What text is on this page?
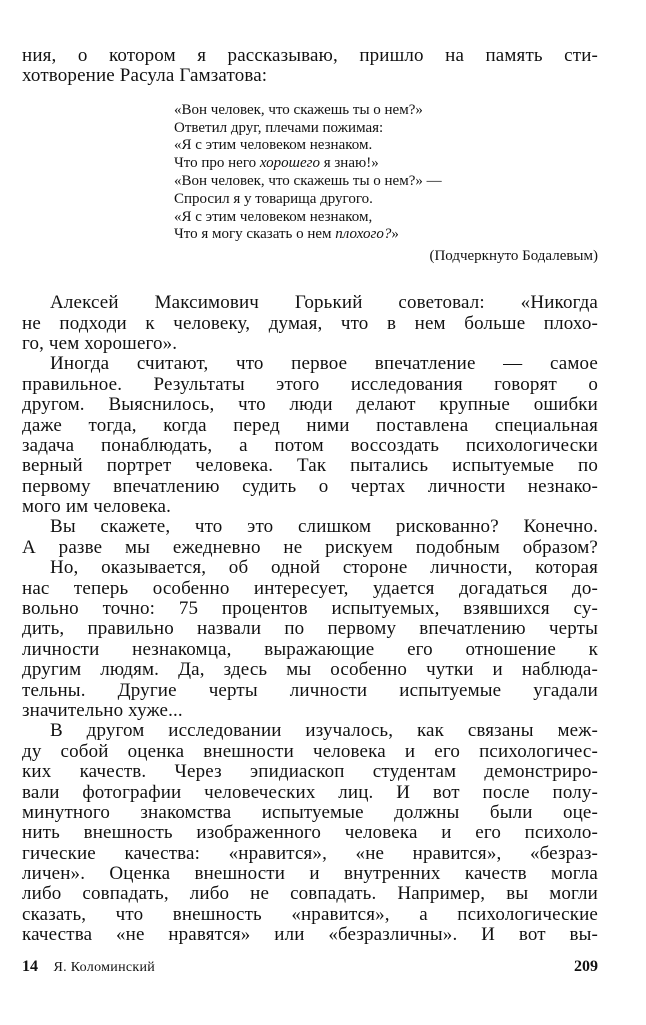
ния, о котором я рассказываю, пришло на память сти-
хотворение Расула Гамзатова:
«Вон человек, что скажешь ты о нем?»
Ответил друг, плечами пожимая:
«Я с этим человеком незнаком.
Что про него хорошего я знаю!»
«Вон человек, что скажешь ты о нем?» —
Спросил я у товарища другого.
«Я с этим человеком незнаком,
Что я могу сказать о нем плохого?»
(Подчеркнуто Бодалевым)
Алексей Максимович Горький советовал: «Никогда
не подходи к человеку, думая, что в нем больше плохо-
го, чем хорошего».
Иногда считают, что первое впечатление — самое
правильное. Результаты этого исследования говорят о
другом. Выяснилось, что люди делают крупные ошибки
даже тогда, когда перед ними поставлена специальная
задача понаблюдать, а потом воссоздать психологически
верный портрет человека. Так пытались испытуемые по
первому впечатлению судить о чертах личности незнако-
мого им человека.
Вы скажете, что это слишком рискованно? Конечно.
А разве мы ежедневно не рискуем подобным образом?
Но, оказывается, об одной стороне личности, которая
нас теперь особенно интересует, удается догадаться до-
вольно точно: 75 процентов испытуемых, взявшихся су-
дить, правильно назвали по первому впечатлению черты
личности незнакомца, выражающие его отношение к
другим людям. Да, здесь мы особенно чутки и наблюда-
тельны. Другие черты личности испытуемые угадали
значительно хуже...
В другом исследовании изучалось, как связаны меж-
ду собой оценка внешности человека и его психологичес-
ких качеств. Через эпидиаскоп студентам демонстриро-
вали фотографии человеческих лиц. И вот после полу-
минутного знакомства испытуемые должны были оце-
нить внешность изображенного человека и его психоло-
гические качества: «нравится», «не нравится», «безраз-
личен». Оценка внешности и внутренних качеств могла
либо совпадать, либо не совпадать. Например, вы могли
сказать, что внешность «нравится», а психологические
качества «не нравятся» или «безразличны». И вот вы-
14 Я. Коломинский	209
